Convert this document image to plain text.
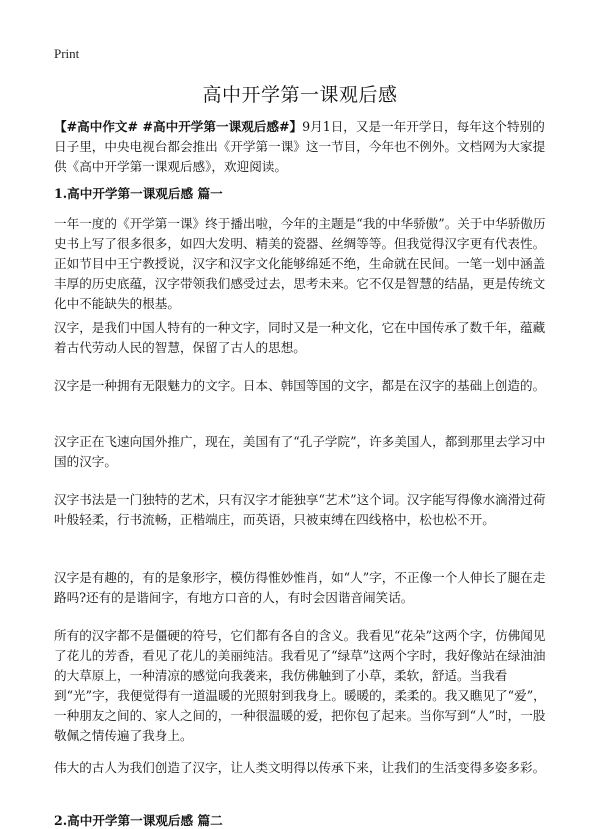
Print
高中开学第一课观后感
【#高中作文# #高中开学第一课观后感#】9月1日，又是一年开学日，每年这个特别的日子里，中央电视台都会推出《开学第一课》这一节目，今年也不例外。文档网为大家提供《高中开学第一课观后感》，欢迎阅读。
1.高中开学第一课观后感 篇一
一年一度的《开学第一课》终于播出啦，今年的主题是“我的中华骄傲”。关于中华骄傲历史书上写了很多很多，如四大发明、精美的瓷器、丝绸等等。但我觉得汉字更有代表性。正如节目中王宁教授说，汉字和汉字文化能够绵延不绝，生命就在民间。一笔一划中涵盖丰厚的历史底蕴，汉字带领我们感受过去，思考未来。它不仅是智慧的结晶，更是传统文化中不能缺失的根基。
汉字，是我们中国人特有的一种文字，同时又是一种文化，它在中国传承了数千年，蕴藏着古代劳动人民的智慧，保留了古人的思想。
汉字是一种拥有无限魅力的文字。日本、韩国等国的文字，都是在汉字的基础上创造的。
汉字正在飞速向国外推广，现在，美国有了“孔子学院”，许多美国人，都到那里去学习中国的汉字。
汉字书法是一门独特的艺术，只有汉字才能独享“艺术”这个词。汉字能写得像水滴滑过荷叶般轻柔，行书流畅，正楷端庄，而英语，只被束缚在四线格中，松也松不开。
汉字是有趣的，有的是象形字，模仿得惟妙惟肖，如“人”字，不正像一个人伸长了腿在走路吗?还有的是谐间字，有地方口音的人，有时会因谐音闹笑话。
所有的汉字都不是僵硬的符号，它们都有各自的含义。我看见“花朵”这两个字，仿佛闻见了花儿的芳香，看见了花儿的美丽纯洁。我看见了“绿草”这两个字时，我好像站在绿油油的大草原上，一种清凉的感觉向我袭来，我仿佛触到了小草，柔软，舒适。当我看到“光”字，我便觉得有一道温暖的光照射到我身上。暖暖的，柔柔的。我又瞧见了“爱”，一种朋友之间的、家人之间的，一种很温暖的爱，把你包了起来。当你写到“人”时，一股敬佩之情传遍了我身上。
伟大的古人为我们创造了汉字，让人类文明得以传承下来，让我们的生活变得多姿多彩。
2.高中开学第一课观后感 篇二
